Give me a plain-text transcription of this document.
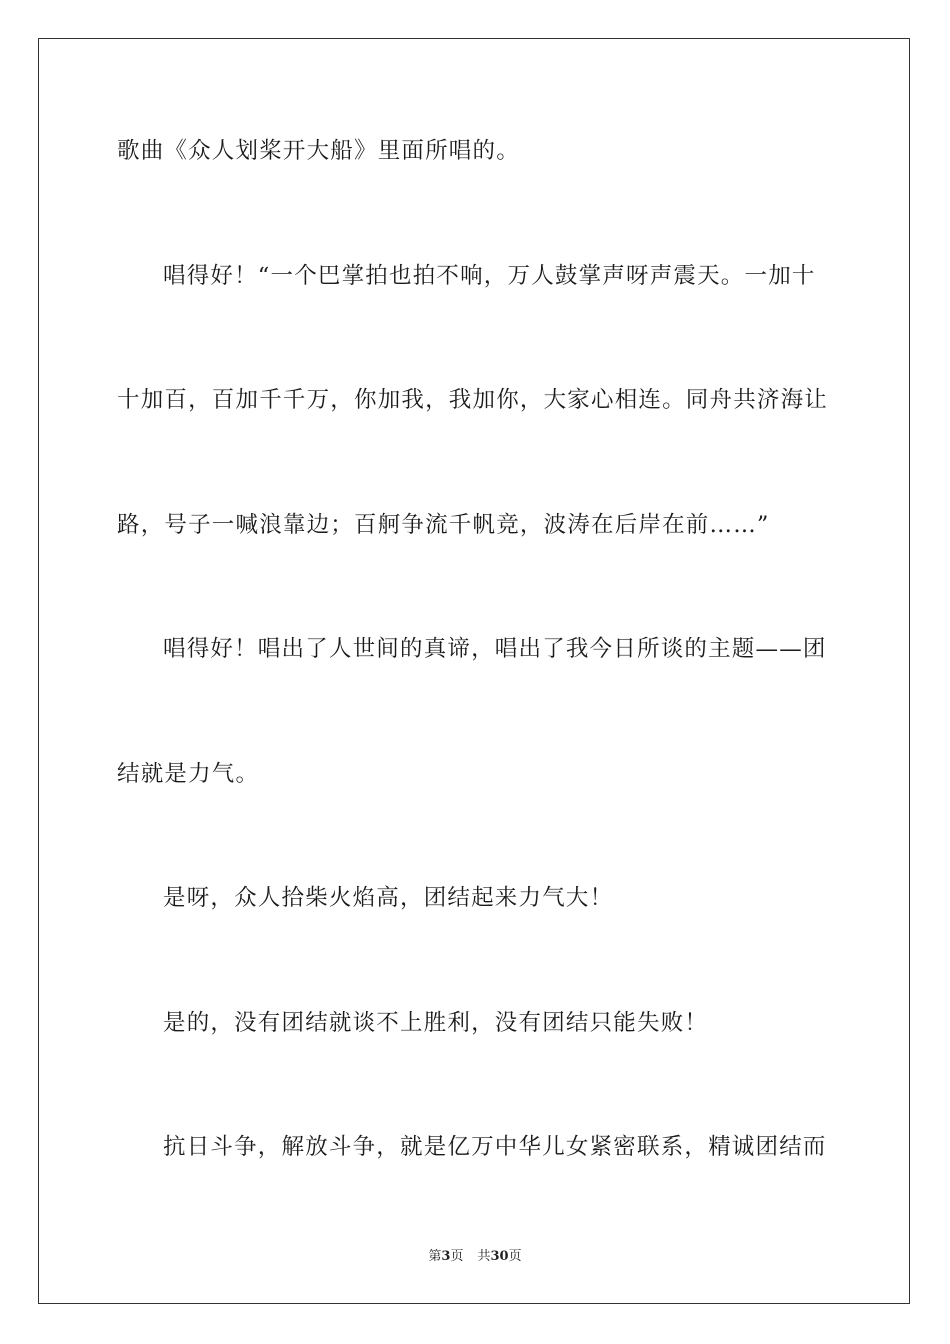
歌曲《众人划桨开大船》里面所唱的。
唱得好！“一个巴掌拍也拍不响，万人鼓掌声呀声震天。一加十
十加百，百加千千万，你加我，我加你，大家心相连。同舟共济海让
路，号子一喊浪靠边；百舸争流千帆竞，波涛在后岸在前……”
唱得好！唱出了人世间的真谛，唱出了我今日所谈的主题——团
结就是力气。
是呀，众人拾柴火焰高，团结起来力气大！
是的，没有团结就谈不上胜利，没有团结只能失败！
抗日斗争，解放斗争，就是亿万中华儿女紧密联系，精诚团结而
第3页 共30页
